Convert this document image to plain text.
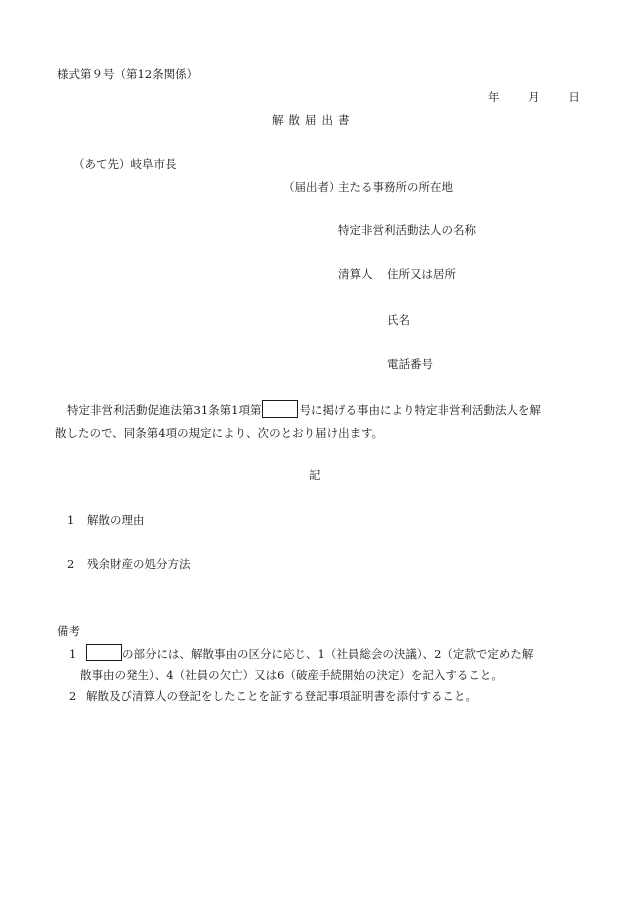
様式第９号（第12条関係）
年 月 日
解散届出書
（あて先）岐阜市長
（届出者）
主たる事務所の所在地
特定非営利活動法人の名称
清算人 住所又は居所
氏名
電話番号
特定非営利活動促進法第31条第1項第	号に掲げる事由により特定非営利活動法人を解
散したので、同条第4項の規定により、次のとおり届け出ます。
記
1 解散の理由
2 残余財産の処分方法
備考
1	の部分には、解散事由の区分に応じ、1（社員総会の決議）、2（定款で定めた解
散事由の発生）、4（社員の欠亡）又は6（破産手続開始の決定）を記入すること。
2 解散及び清算人の登記をしたことを証する登記事項証明書を添付すること。
